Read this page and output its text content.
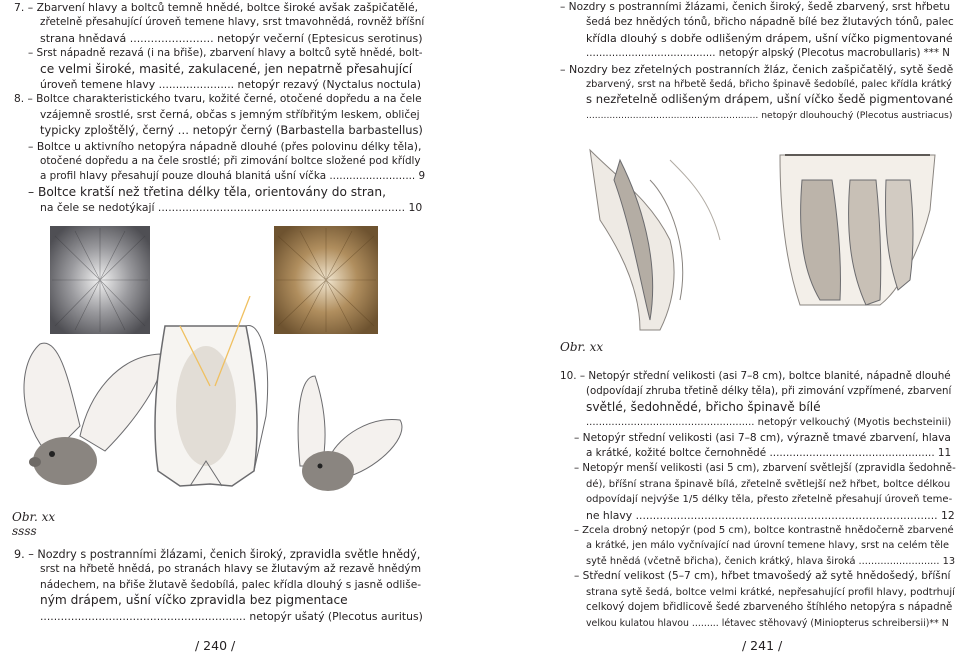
7. – Zbarvení hlavy a boltců temně hnědé, boltce široké avšak zašpičatělé,

zřetelně přesahující úroveň temene hlavy, srst tmavohnědá, rovněž bříšní

strana hnědavá ........................ netopýr večerní (Eptesicus serotinus)

– Srst nápadně rezavá (i na břiše), zbarvení hlavy a boltců sytě hnědé, bolt-

ce velmi široké, masité, zakulacené, jen nepatrně přesahující

úroveň temene hlavy ...................... netopýr rezavý (Nyctalus noctula)

8. – Boltce charakteristického tvaru, kožité černé, otočené dopředu a na čele

vzájemně srostlé, srst černá, občas s jemným stříbřitým leskem, obličej

typicky zploštělý, černý … netopýr černý (Barbastella barbastellus)

– Boltce u aktivního netopýra nápadně dlouhé (přes polovinu délky těla),

otočené dopředu a na čele srostlé; při zimování boltce složené pod křídly

a profil hlavy přesahují pouze dlouhá blanitá ušní víčka .......................... 9

– Boltce kratší než třetina délky těla, orientovány do stran,

na čele se nedotýkají ........................................................................ 10

Obr. xx
ssss

9. – Nozdry s postranními žlázami, čenich široký, zpravidla světle hnědý,

srst na hřbetě hnědá, po stranách hlavy se žlutavým až rezavě hnědým

nádechem, na břiše žlutavě šedobílá, palec křídla dlouhý s jasně odliše-

ným drápem, ušní víčko zpravidla bez pigmentace

............................................................ netopýr ušatý (Plecotus auritus)

/ 240 /

– Nozdry s postranními žlázami, čenich široký, šedě zbarvený, srst hřbetu

šedá bez hnědých tónů, břicho nápadně bílé bez žlutavých tónů, palec

křídla dlouhý s dobře odlišeným drápem, ušní víčko pigmentované

........................................ netopýr alpský (Plecotus macrobullaris) *** N

– Nozdry bez zřetelných postranních žláz, čenich zašpičatělý, sytě šedě

zbarvený, srst na hřbetě šedá, břicho špinavě šedobílé, palec křídla krátký

s nezřetelně odlišeným drápem, ušní víčko šedě pigmentované

........................................................... netopýr dlouhouchý (Plecotus austriacus)

Obr. xx

10. – Netopýr střední velikosti (asi 7–8 cm), boltce blanité, nápadně dlouhé

(odpovídají zhruba třetině délky těla), při zimování vzpřímené, zbarvení

světlé, šedohnědé, břicho špinavě bílé

..................................................... netopýr velkouchý (Myotis bechsteinii)

– Netopýr střední velikosti (asi 7–8 cm), výrazně tmavé zbarvení, hlava

a krátké, kožité boltce černohnědé .................................................. 11

– Netopýr menší velikosti (asi 5 cm), zbarvení světlejší (zpravidla šedohně-

dé), bříšní strana špinavě bílá, zřetelně světlejší než hřbet, boltce délkou

odpovídají nejvýše 1/5 délky těla, přesto zřetelně přesahují úroveň teme-

ne hlavy ........................................................................................ 12

– Zcela drobný netopýr (pod 5 cm), boltce kontrastně hnědočerně zbarvené

a krátké, jen málo vyčnívající nad úrovní temene hlavy, srst na celém těle

sytě hnědá (včetně břicha), čenich krátký, hlava široká .......................... 13

– Střední velikost (5–7 cm), hřbet tmavošedý až sytě hnědošedý, bříšní

strana sytě šedá, boltce velmi krátké, nepřesahující profil hlavy, podtrhují

celkový dojem břidlicově šedé zbarveného štíhlého netopýra s nápadně

velkou kulatou hlavou ......... létavec stěhovavý (Miniopterus schreibersii)** N

/ 241 /
